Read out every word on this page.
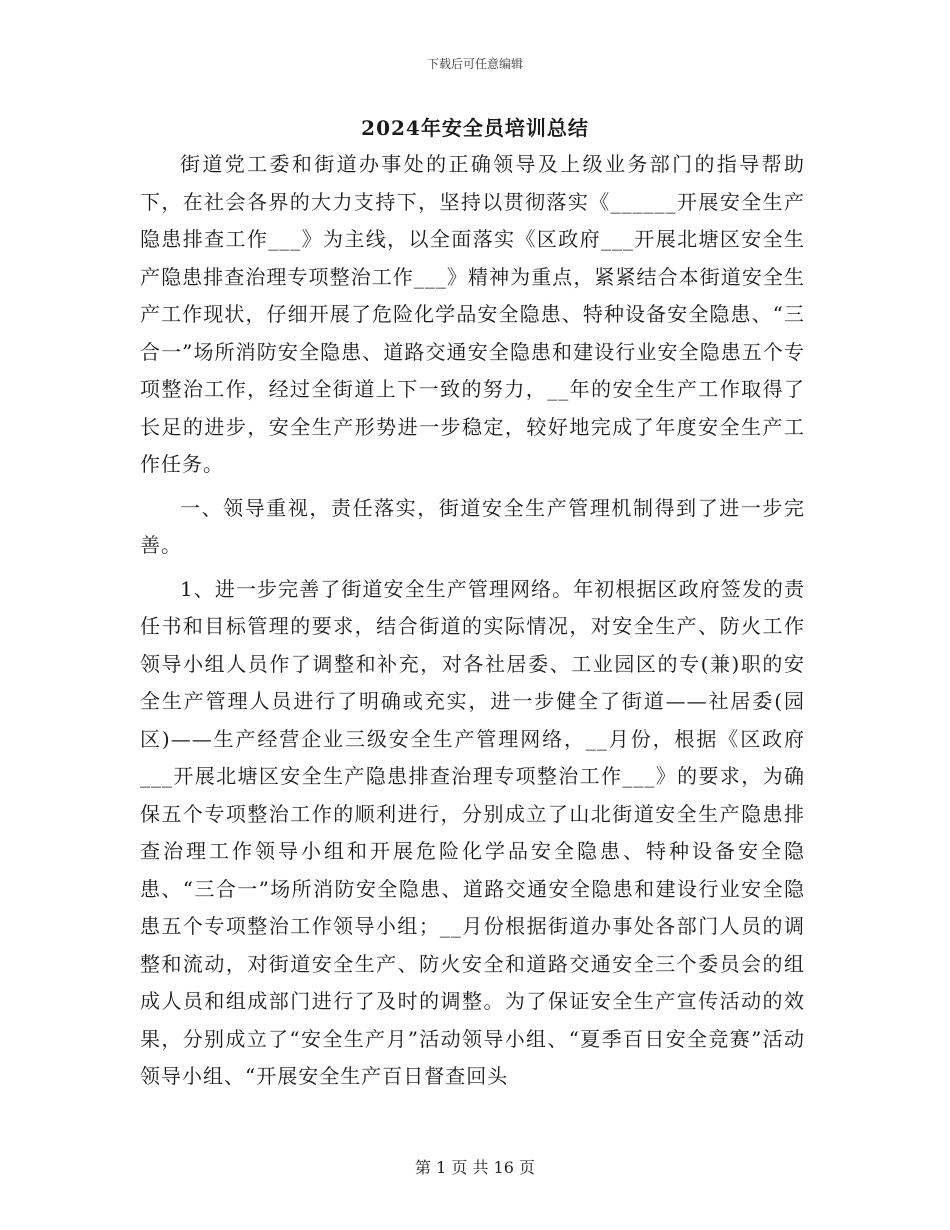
下载后可任意编辑
2024年安全员培训总结

街道党工委和街道办事处的正确领导及上级业务部门的指导帮助下，在社会各界的大力支持下，坚持以贯彻落实《______开展安全生产隐患排查工作___》为主线，以全面落实《区政府___开展北塘区安全生产隐患排查治理专项整治工作___》精神为重点，紧紧结合本街道安全生产工作现状，仔细开展了危险化学品安全隐患、特种设备安全隐患、“三合一”场所消防安全隐患、道路交通安全隐患和建设行业安全隐患五个专项整治工作，经过全街道上下一致的努力，__年的安全生产工作取得了长足的进步，安全生产形势进一步稳定，较好地完成了年度安全生产工作任务。

一、领导重视，责任落实，街道安全生产管理机制得到了进一步完善。

1、进一步完善了街道安全生产管理网络。年初根据区政府签发的责任书和目标管理的要求，结合街道的实际情况，对安全生产、防火工作领导小组人员作了调整和补充，对各社居委、工业园区的专(兼)职的安全生产管理人员进行了明确或充实，进一步健全了街道——社居委(园区)——生产经营企业三级安全生产管理网络，__月份，根据《区政府___开展北塘区安全生产隐患排查治理专项整治工作___》的要求，为确保五个专项整治工作的顺利进行，分别成立了山北街道安全生产隐患排查治理工作领导小组和开展危险化学品安全隐患、特种设备安全隐患、“三合一”场所消防安全隐患、道路交通安全隐患和建设行业安全隐患五个专项整治工作领导小组；__月份根据街道办事处各部门人员的调整和流动，对街道安全生产、防火安全和道路交通安全三个委员会的组成人员和组成部门进行了及时的调整。为了保证安全生产宣传活动的效果，分别成立了“安全生产月”活动领导小组、“夏季百日安全竞赛”活动领导小组、“开展安全生产百日督查回头

第 1 页 共 16 页
